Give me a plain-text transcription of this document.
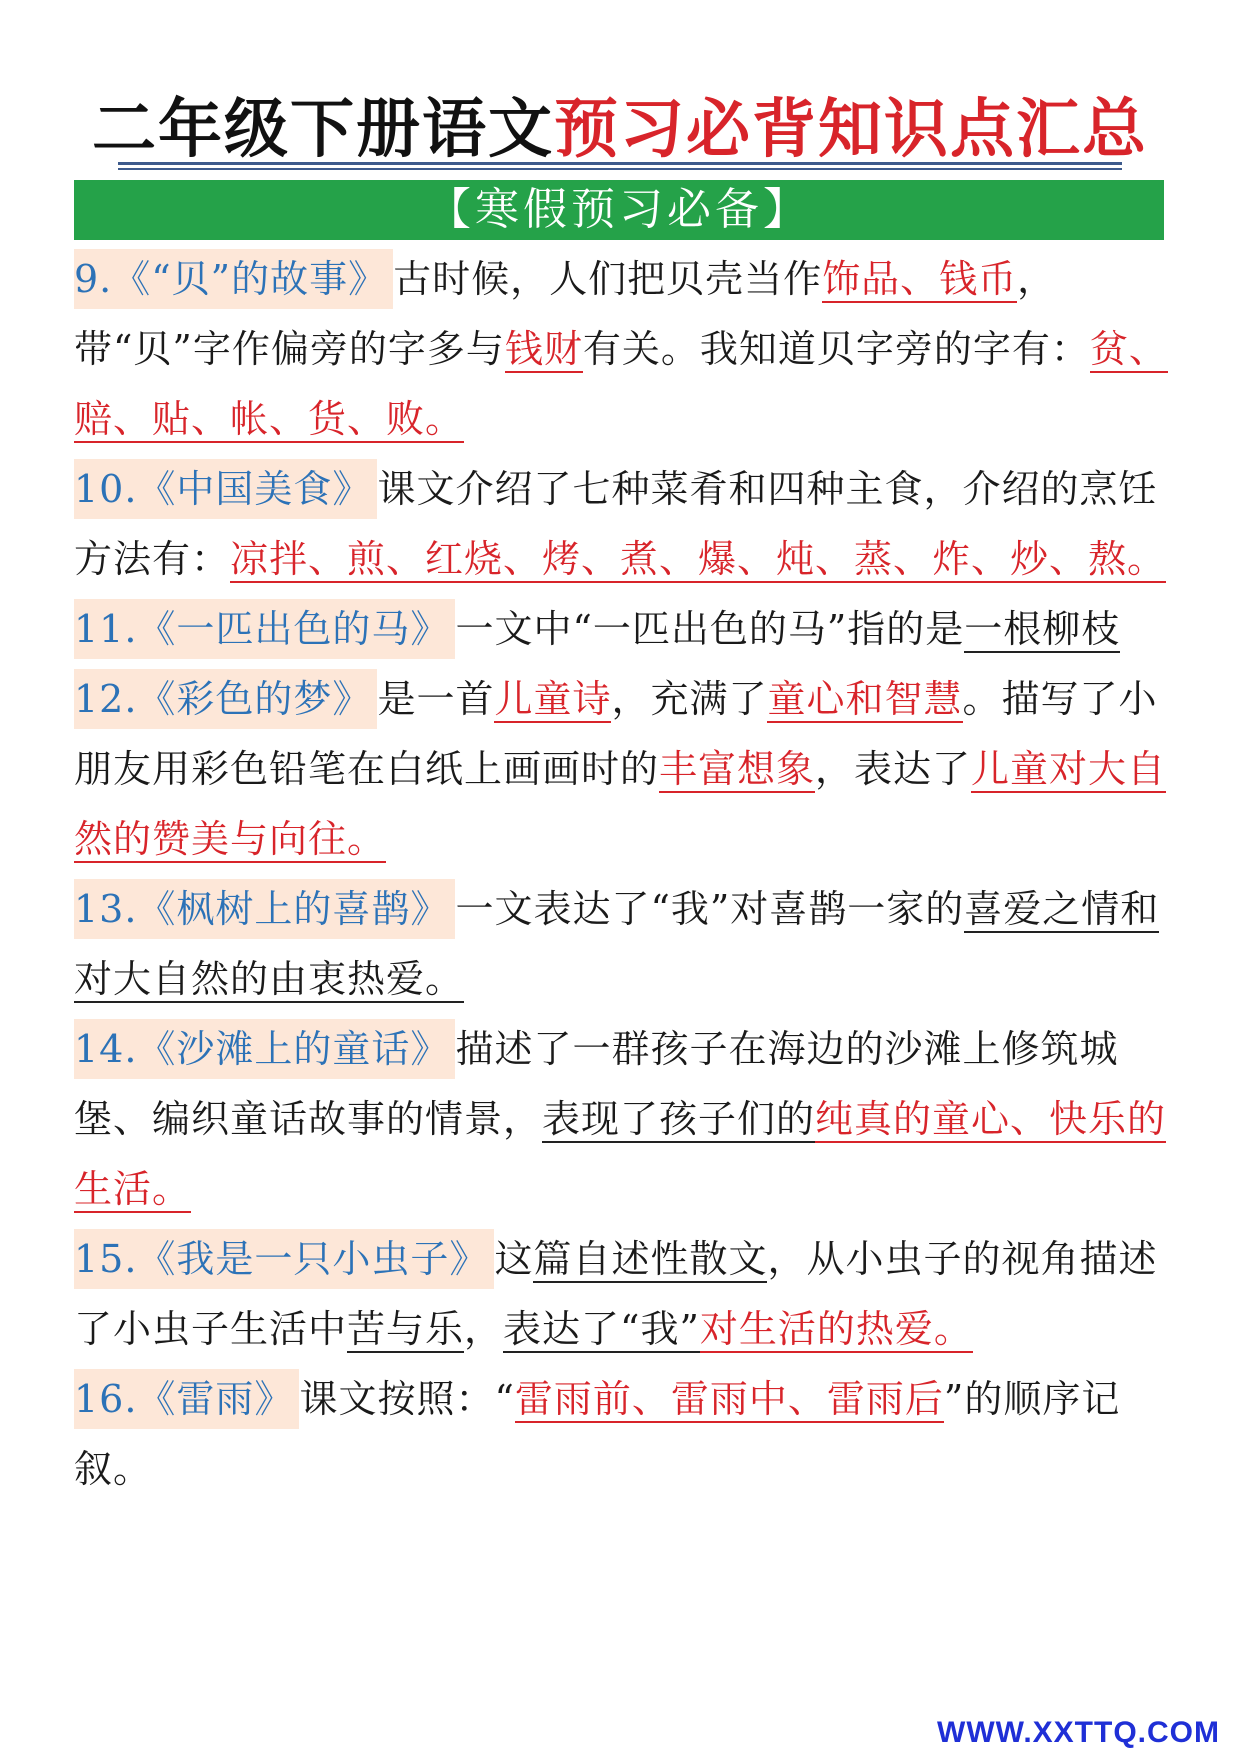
二年级下册语文预习必背知识点汇总
【寒假预习必备】
9.《“贝”的故事》 古时候，人们把贝壳当作饰品、钱币，带“贝”字作偏旁的字多与钱财有关。我知道贝字旁的字有：贫、赔、贴、帐、货、败。
10.《中国美食》 课文介绍了七种菜肴和四种主食，介绍的烹饪方法有：凉拌、煎、红烧、烤、煮、爆、炖、蒸、炸、炒、熬。
11.《一匹出色的马》 一文中“一匹出色的马”指的是一根柳枝
12.《彩色的梦》 是一首儿童诗，充满了童心和智慧。描写了小朋友用彩色铅笔在白纸上画画时的丰富想象，表达了儿童对大自然的赞美与向往。
13.《枫树上的喜鹊》 一文表达了“我”对喜鹊一家的喜爱之情和对大自然的由衷热爱。
14.《沙滩上的童话》 描述了一群孩子在海边的沙滩上修筑城堡、编织童话故事的情景，表现了孩子们的纯真的童心、快乐的生活。
15.《我是一只小虫子》 这篇自述性散文，从小虫子的视角描述了小虫子生活中苦与乐，表达了“我”对生活的热爱。
16.《雷雨》 课文按照：“雷雨前、雷雨中、雷雨后”的顺序记叙。
WWW.XXTTQ.COM
